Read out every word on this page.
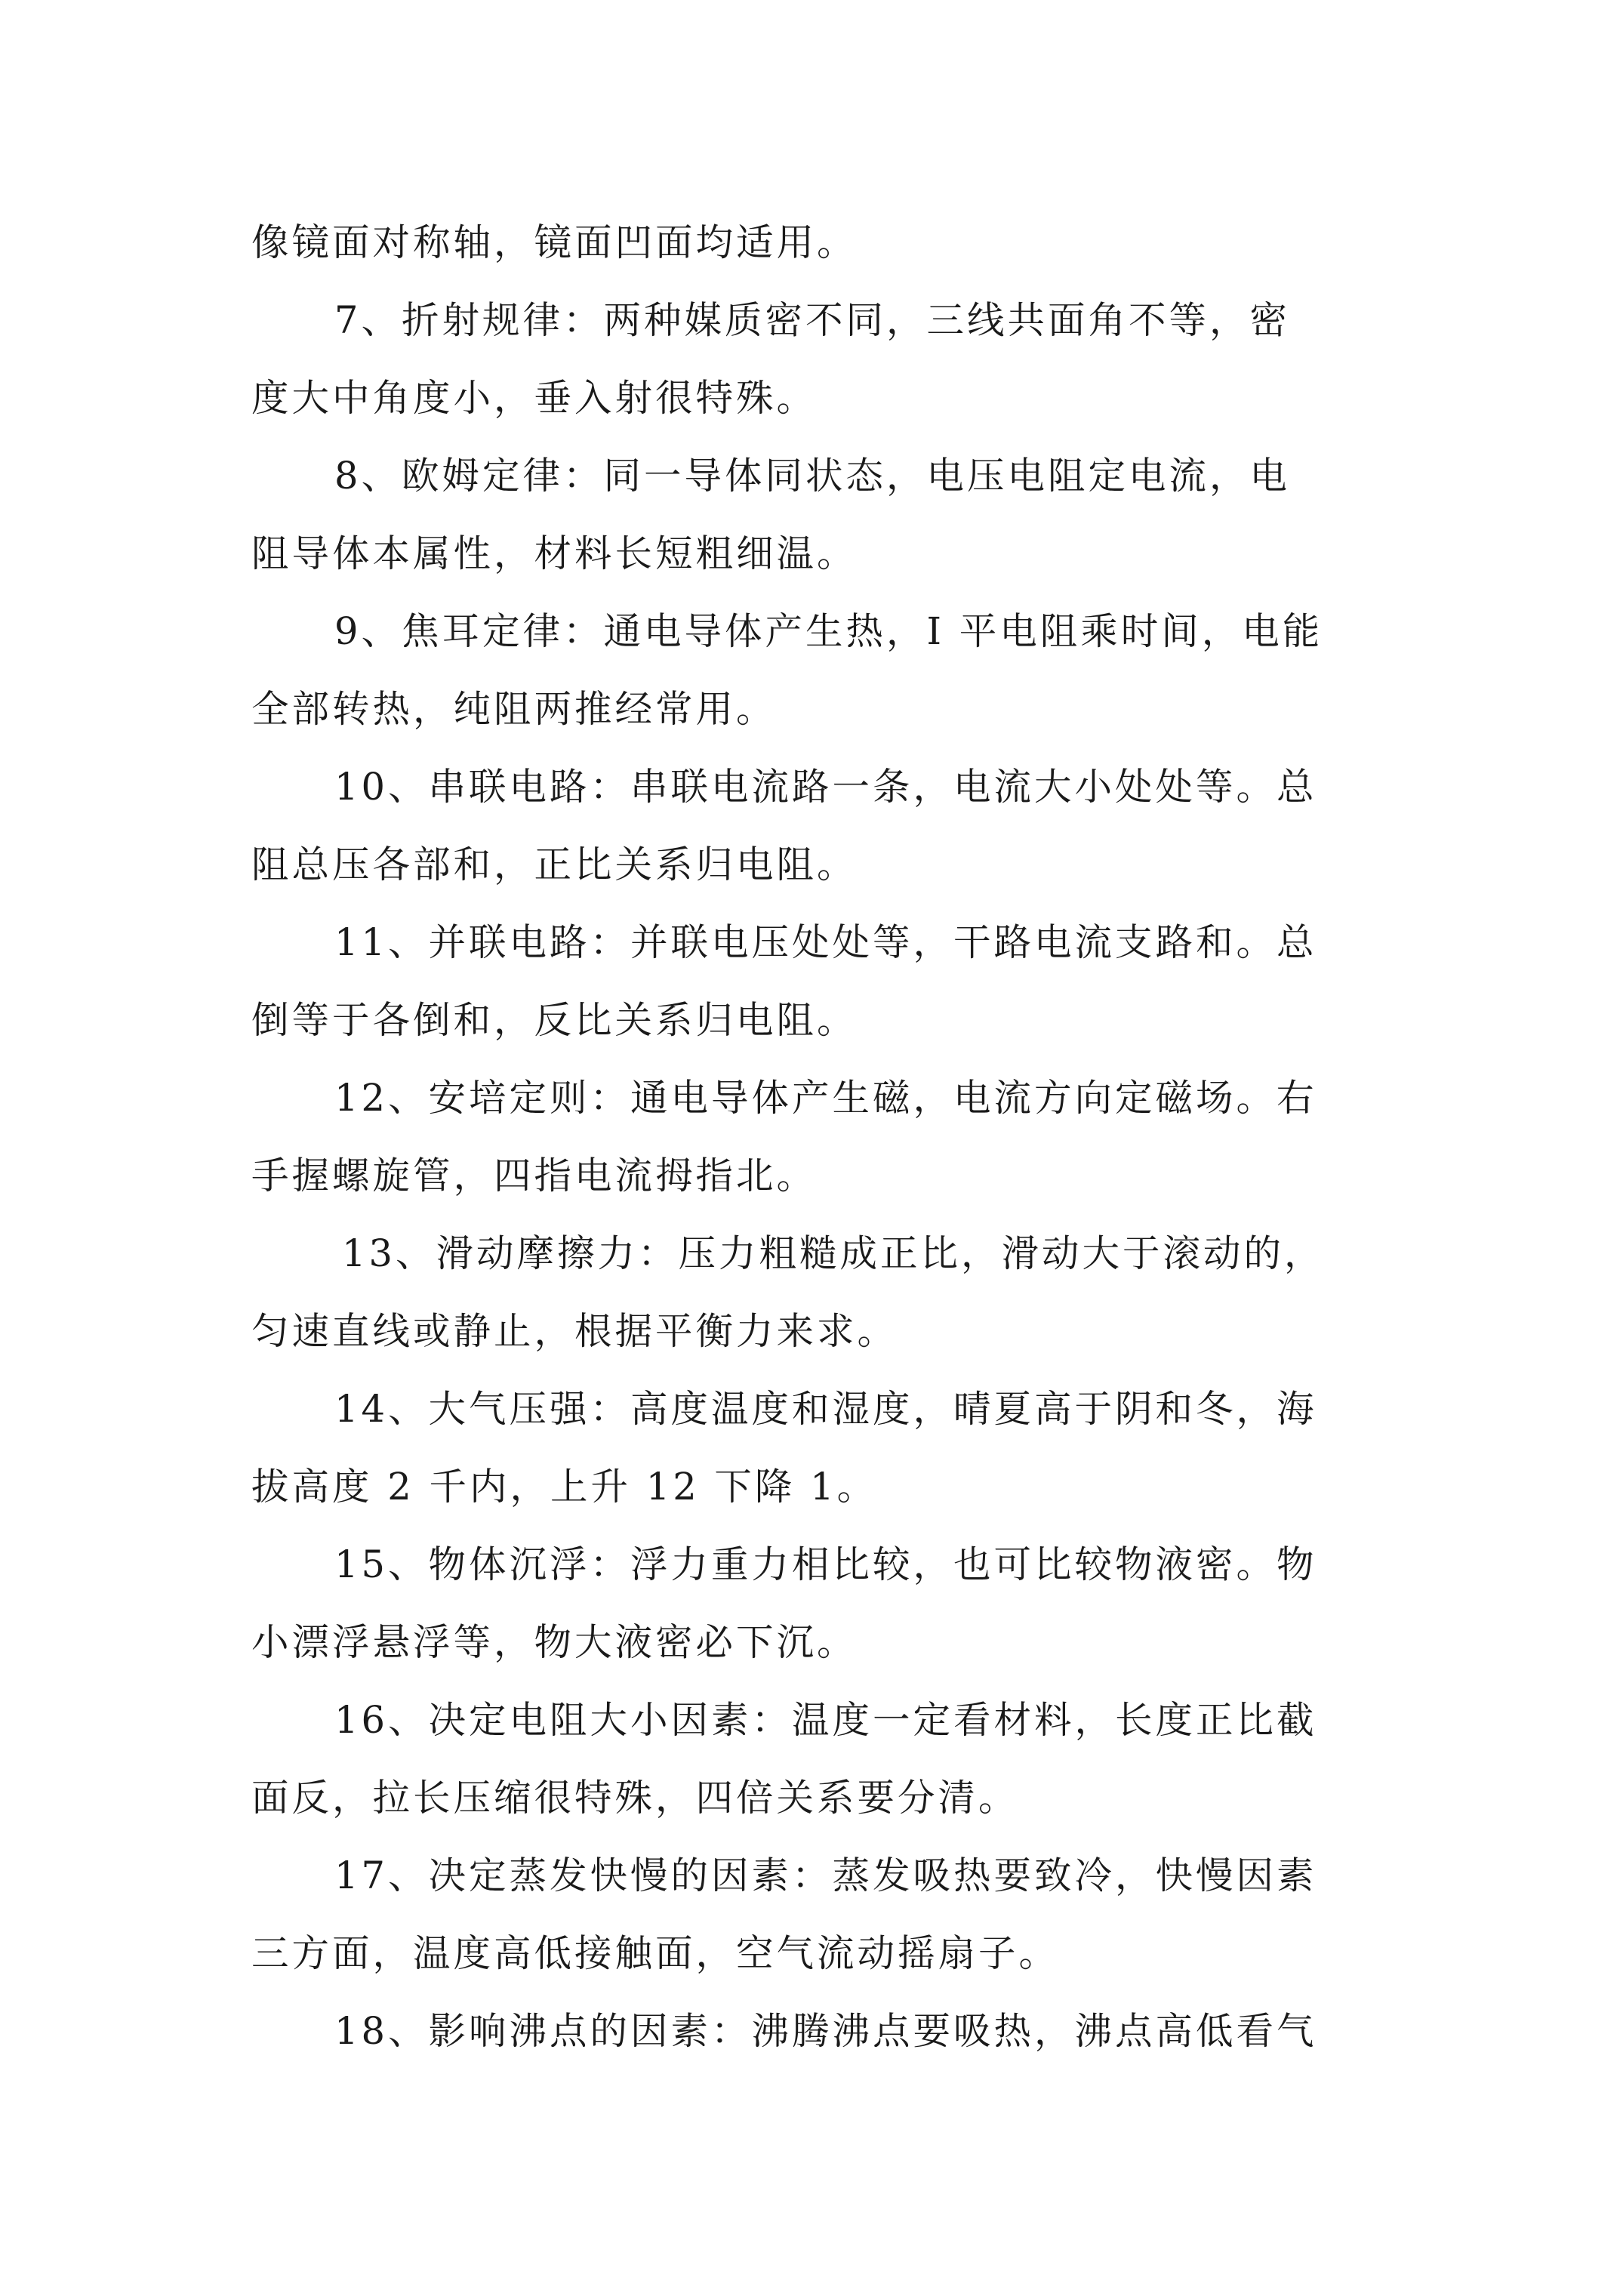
像镜面对称轴，镜面凹面均适用。
7、折射规律：两种媒质密不同，三线共面角不等，密
度大中角度小，垂入射很特殊。
8、欧姆定律：同一导体同状态，电压电阻定电流，电
阻导体本属性，材料长短粗细温。
9、焦耳定律：通电导体产生热，I 平电阻乘时间，电能
全部转热，纯阻两推经常用。
10、串联电路：串联电流路一条，电流大小处处等。总
阻总压各部和，正比关系归电阻。
11、并联电路：并联电压处处等，干路电流支路和。总
倒等于各倒和，反比关系归电阻。
12、安培定则：通电导体产生磁，电流方向定磁场。右
手握螺旋管，四指电流拇指北。
13、滑动摩擦力：压力粗糙成正比，滑动大于滚动的，
匀速直线或静止，根据平衡力来求。
14、大气压强：高度温度和湿度，晴夏高于阴和冬，海
拔高度 2 千内，上升 12 下降 1。
15、物体沉浮：浮力重力相比较，也可比较物液密。物
小漂浮悬浮等，物大液密必下沉。
16、决定电阻大小因素：温度一定看材料，长度正比截
面反，拉长压缩很特殊，四倍关系要分清。
17、决定蒸发快慢的因素：蒸发吸热要致冷，快慢因素
三方面，温度高低接触面，空气流动摇扇子。
18、影响沸点的因素：沸腾沸点要吸热，沸点高低看气
